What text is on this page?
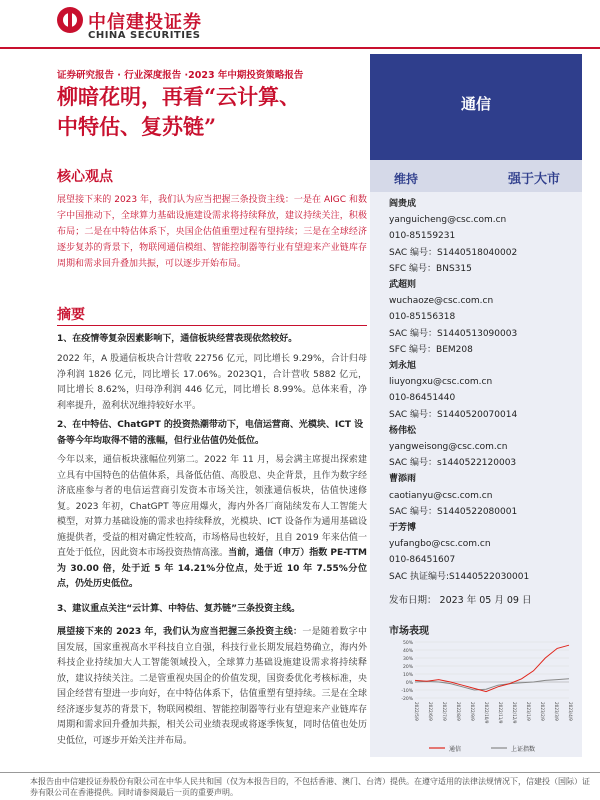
中信建投证券
CHINA SECURITIES
证券研究报告 · 行业深度报告 ·2023 年中期投资策略报告
柳暗花明，再看“云计算、
中特估、复苏链”
通信
维持	强于大市
阎贵成
yanguicheng@csc.com.cn
010-85159231
SAC 编号：S1440518040002
SFC 编号：BNS315
武超则
wuchaoze@csc.com.cn
010-85156318
SAC 编号：S1440513090003
SFC 编号：BEM208
刘永旭
liuyongxu@csc.com.cn
010-86451440
SAC 编号：S1440520070014
杨伟松
yangweisong@csc.com.cn
SAC 编号：s1440522120003
曹添雨
caotianyu@csc.com.cn
SAC 编号：S1440522080001
于芳博
yufangbo@csc.com.cn
010-86451607
SAC 执证编号:S1440522030001
发布日期： 2023 年 05 月 09 日
市场表现
50%
40%
30%
20%
10%
0%
-10%
-20%
2022/5/9 2022/6/9 2022/7/9 2022/8/9 2022/9/9 2022/10/9 2022/11/9 2022/12/9 2023/1/9 2023/2/9 2023/3/9 2023/4/9
通信	上证指数
核心观点
展望接下来的 2023 年，我们认为应当把握三条投资主线：一是在 AIGC 和数字中国推动下，全球算力基础设施建设需求将持续释放，建议持续关注，积极布局；二是在中特估体系下，央国企估值重塑过程有望持续；三是在全球经济逐步复苏的背景下，物联网通信模组、智能控制器等行业有望迎来产业链库存周期和需求回升叠加共振，可以逐步开始布局。
摘要
1、在疫情等复杂因素影响下，通信板块经营表现依然较好。
2022 年，A 股通信板块合计营收 22756 亿元，同比增长 9.29%，合计归母净利润 1826 亿元，同比增长 17.06%。2023Q1，合计营收 5882 亿元，同比增长 8.62%，归母净利润 446 亿元，同比增长 8.99%。总体来看，净利率提升，盈利状况维持较好水平。
2、在中特估、ChatGPT 的投资热潮带动下，电信运营商、光模块、ICT 设备等今年均取得不错的涨幅，但行业估值仍处低位。
今年以来，通信板块涨幅位列第二。2022 年 11 月，易会满主席提出探索建立具有中国特色的估值体系，具备低估值、高股息、央企背景，且作为数字经济底座参与者的电信运营商引发资本市场关注，领涨通信板块，估值快速修复。2023 年初，ChatGPT 等应用爆火，海内外各厂商陆续发布人工智能大模型，对算力基础设施的需求也持续释放，光模块、ICT 设备作为通用基础设施提供者，受益的相对确定性较高，市场格局也较好，且自 2019 年来估值一直处于低位，因此资本市场投资热情高涨。当前，通信（申万）指数 PE-TTM 为 30.00 倍，处于近 5 年 14.21%分位点，处于近 10 年 7.55%分位点，仍处历史低位。
3、建议重点关注“云计算、中特估、复苏链”三条投资主线。
展望接下来的 2023 年，我们认为应当把握三条投资主线：一是随着数字中国发展，国家重视高水平科技自立自强，科技行业长期发展趋势确立，海内外科技企业持续加大人工智能领域投入，全球算力基础设施建设需求将持续释放，建议持续关注。二是管重视央国企的价值发现，国资委优化考核标准，央国企经营有望进一步向好，在中特估体系下，估值重塑有望持续。三是在全球经济逐步复苏的背景下，物联网模组、智能控制器等行业有望迎来产业链库存周期和需求回升叠加共振，相关公司业绩表现或将逐季恢复，同时估值也处历史低位，可逐步开始关注并布局。
本报告由中信建投证券股份有限公司在中华人民共和国（仅为本报告目的，不包括香港、澳门、台湾）提供。在遵守适用的法律法规情况下，信建投（国际）证券有限公司在香港提供。同时请参阅最后一页的重要声明。
